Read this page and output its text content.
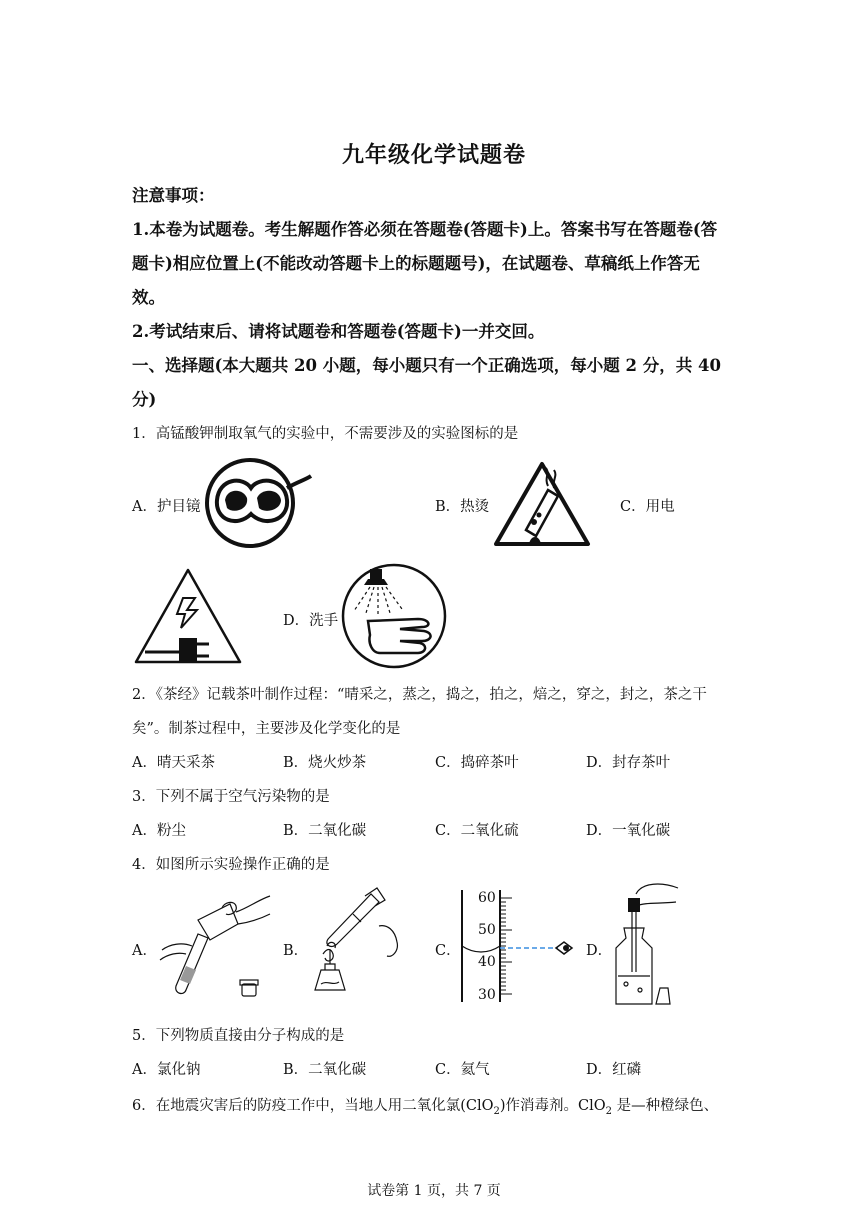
九年级化学试题卷
注意事项：
1.本卷为试题卷。考生解题作答必须在答题卷(答题卡)上。答案书写在答题卷(答
题卡)相应位置上(不能改动答题卡上的标题题号)，在试题卷、草稿纸上作答无
效。
2.考试结束后、请将试题卷和答题卷(答题卡)一并交回。
一、选择题(本大题共 20 小题，每小题只有一个正确选项，每小题 2 分，共 40
分)
1．高锰酸钾制取氧气的实验中，不需要涉及的实验图标的是
A．护目镜	B．热烫	C．用电
D．洗手
2．《茶经》记载茶叶制作过程：“晴采之，蒸之，捣之，拍之，焙之，穿之，封之，茶之干
矣”。制茶过程中，主要涉及化学变化的是
A．晴天采茶	B．烧火炒茶	C．捣碎茶叶	D．封存茶叶
3．下列不属于空气污染物的是
A．粉尘	B．二氧化碳	C．二氧化硫	D．一氧化碳
4．如图所示实验操作正确的是
A．	B．	C．
60
50
40
30
D．
5．下列物质直接由分子构成的是
A．氯化钠	B．二氧化碳	C．氦气	D．红磷
6．在地震灾害后的防疫工作中，当地人用二氧化氯(ClO$_2$)作消毒剂。ClO$_2$ 是—种橙绿色、
试卷第 1 页，共 7 页
